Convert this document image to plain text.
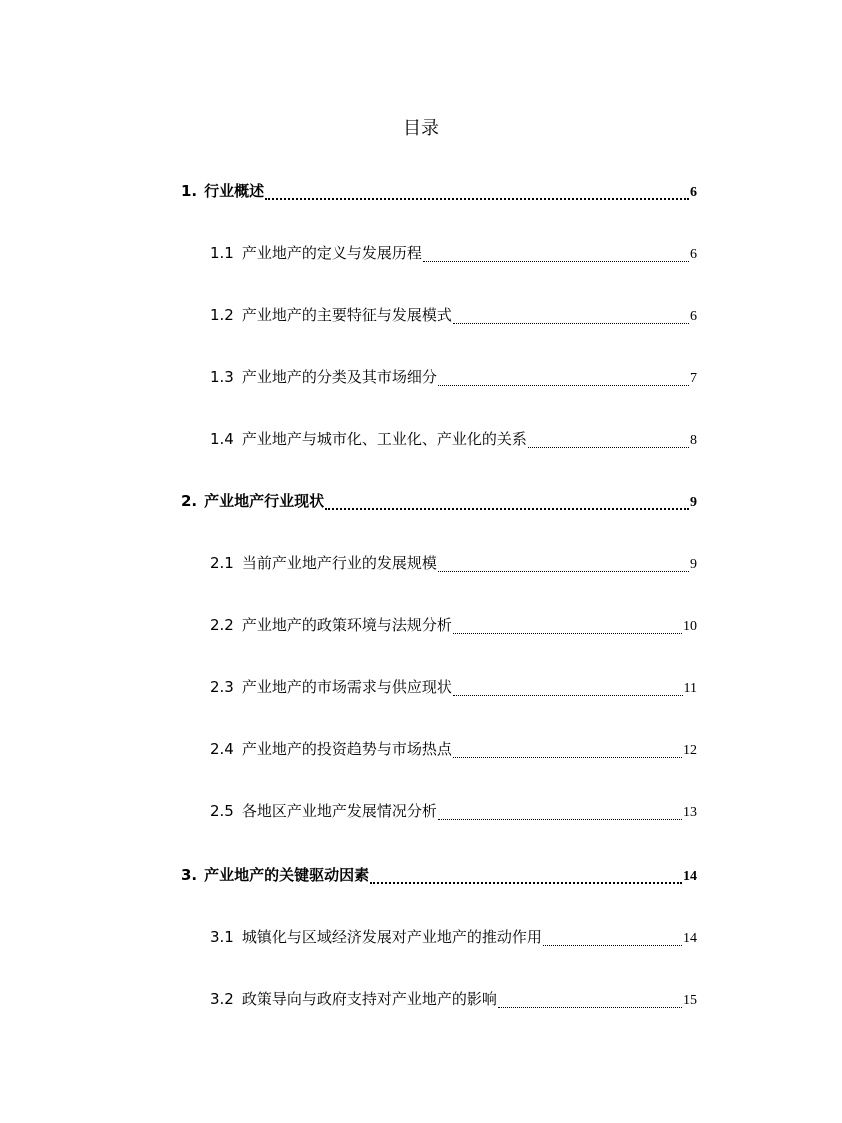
目录
1. 行业概述	6
1.1 产业地产的定义与发展历程	6
1.2 产业地产的主要特征与发展模式	6
1.3 产业地产的分类及其市场细分	7
1.4 产业地产与城市化、工业化、产业化的关系	8
2. 产业地产行业现状	9
2.1 当前产业地产行业的发展规模	9
2.2 产业地产的政策环境与法规分析	10
2.3 产业地产的市场需求与供应现状	11
2.4 产业地产的投资趋势与市场热点	12
2.5 各地区产业地产发展情况分析	13
3. 产业地产的关键驱动因素	14
3.1 城镇化与区域经济发展对产业地产的推动作用	14
3.2 政策导向与政府支持对产业地产的影响	15
